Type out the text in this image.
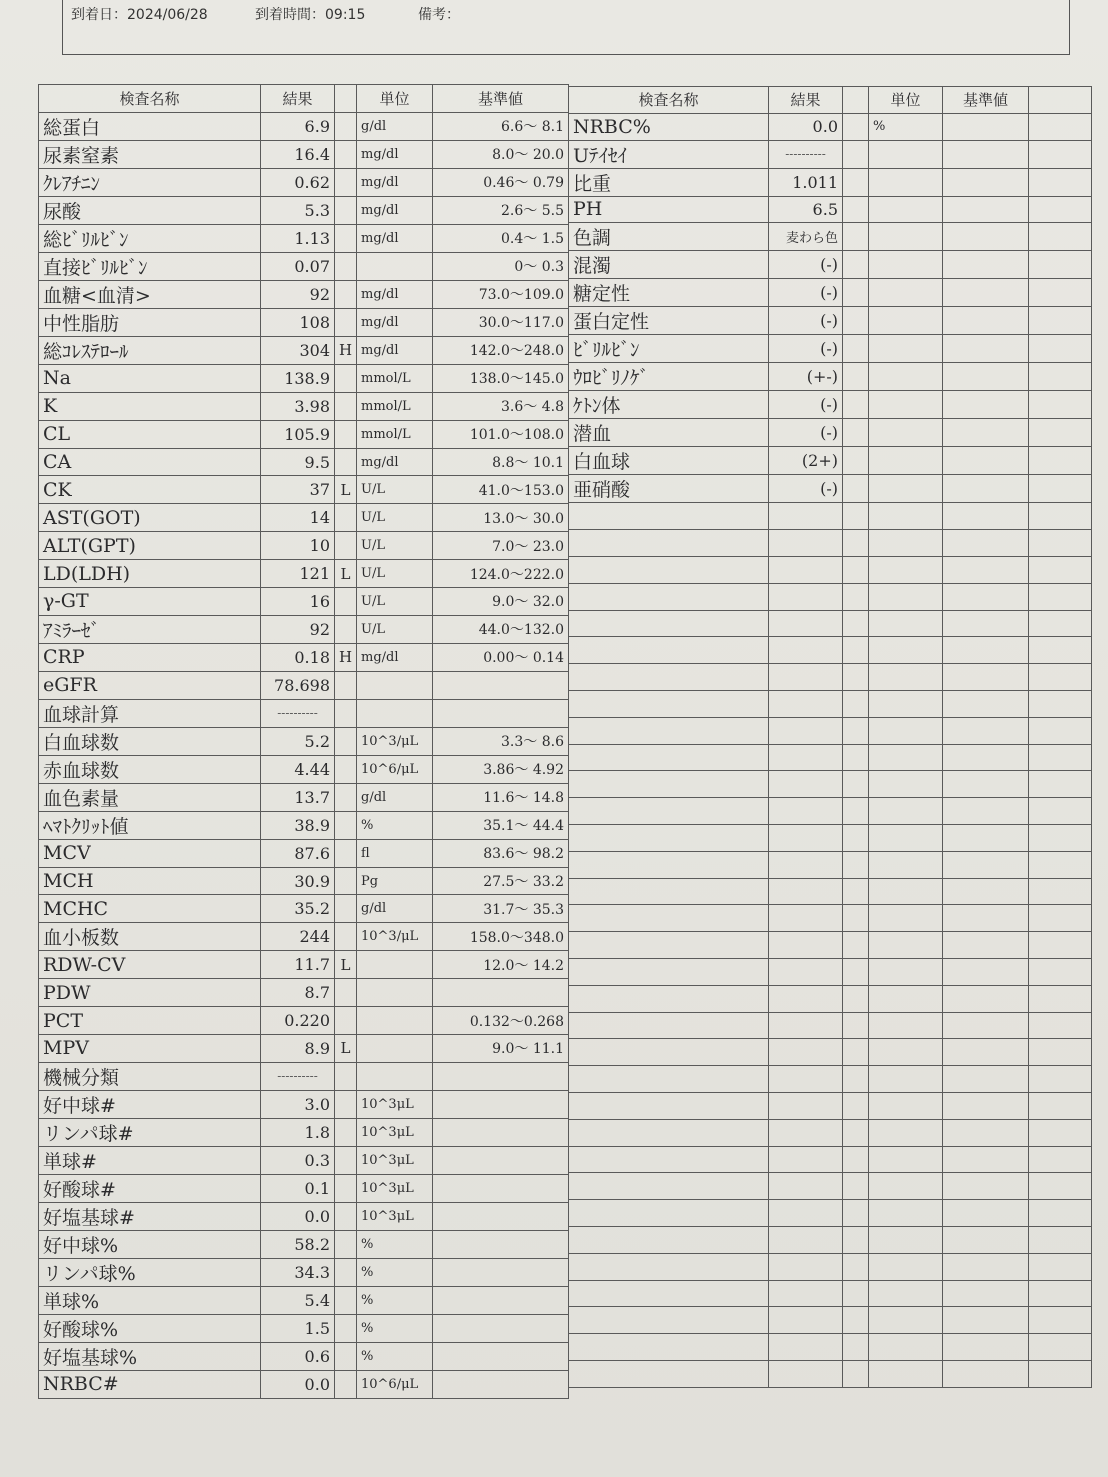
到着日：2024/06/28	到着時間：09:15	備考：
検査名称	結果		単位	基準値
総蛋白	6.9		g/dl	6.6～ 8.1
尿素窒素	16.4		mg/dl	8.0～ 20.0
ｸﾚｱﾁﾆﾝ	0.62		mg/dl	0.46～ 0.79
尿酸	5.3		mg/dl	2.6～ 5.5
総ﾋﾞﾘﾙﾋﾞﾝ	1.13		mg/dl	0.4～ 1.5
直接ﾋﾞﾘﾙﾋﾞﾝ	0.07			0～ 0.3
血糖<血清>	92		mg/dl	73.0～109.0
中性脂肪	108		mg/dl	30.0～117.0
総ｺﾚｽﾃﾛｰﾙ	304	H	mg/dl	142.0～248.0
Na	138.9		mmol/L	138.0～145.0
K	3.98		mmol/L	3.6～ 4.8
CL	105.9		mmol/L	101.0～108.0
CA	9.5		mg/dl	8.8～ 10.1
CK	37	L	U/L	41.0～153.0
AST(GOT)	14		U/L	13.0～ 30.0
ALT(GPT)	10		U/L	7.0～ 23.0
LD(LDH)	121	L	U/L	124.0～222.0
γ-GT	16		U/L	9.0～ 32.0
ｱﾐﾗｰｾﾞ	92		U/L	44.0～132.0
CRP	0.18	H	mg/dl	0.00～ 0.14
eGFR	78.698			
血球計算	----------			
白血球数	5.2		10^3/μL	3.3～ 8.6
赤血球数	4.44		10^6/μL	3.86～ 4.92
血色素量	13.7		g/dl	11.6～ 14.8
ﾍﾏﾄｸﾘｯﾄ値	38.9		%	35.1～ 44.4
MCV	87.6		fl	83.6～ 98.2
MCH	30.9		Pg	27.5～ 33.2
MCHC	35.2		g/dl	31.7～ 35.3
血小板数	244		10^3/μL	158.0～348.0
RDW-CV	11.7	L		12.0～ 14.2
PDW	8.7			
PCT	0.220			0.132～0.268
MPV	8.9	L		9.0～ 11.1
機械分類	----------			
好中球#	3.0		10^3μL	
リンパ球#	1.8		10^3μL	
単球#	0.3		10^3μL	
好酸球#	0.1		10^3μL	
好塩基球#	0.0		10^3μL	
好中球%	58.2		%	
リンパ球%	34.3		%	
単球%	5.4		%	
好酸球%	1.5		%	
好塩基球%	0.6		%	
NRBC#	0.0		10^6/μL	
検査名称	結果		単位	基準値	
NRBC%	0.0		%		
Uﾃｲｾｲ	----------				
比重	1.011				
PH	6.5				
色調	麦わら色				
混濁	(-)				
糖定性	(-)				
蛋白定性	(-)				
ﾋﾞﾘﾙﾋﾞﾝ	(-)				
ｳﾛﾋﾞﾘﾉｹﾞ	(+-)				
ｹﾄﾝ体	(-)				
潜血	(-)				
白血球	(2+)				
亜硝酸	(-)				
